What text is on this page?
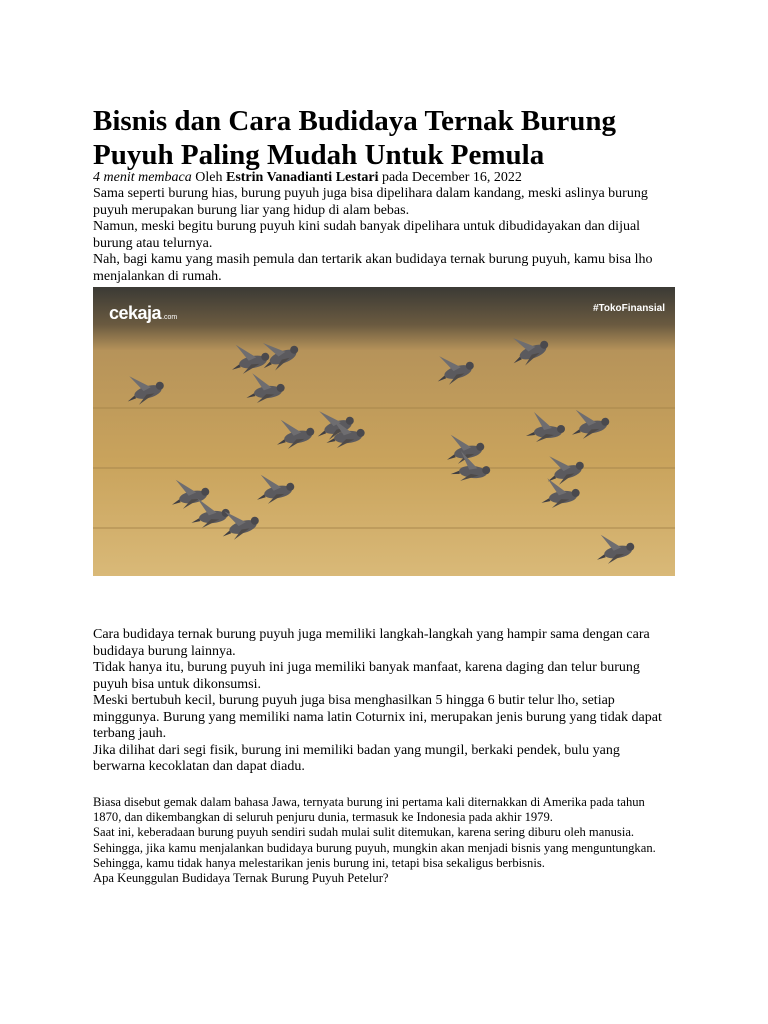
Bisnis dan Cara Budidaya Ternak Burung Puyuh Paling Mudah Untuk Pemula
4 menit membaca Oleh Estrin Vanadianti Lestari pada December 16, 2022

Sama seperti burung hias, burung puyuh juga bisa dipelihara dalam kandang, meski aslinya burung puyuh merupakan burung liar yang hidup di alam bebas.

Namun, meski begitu burung puyuh kini sudah banyak dipelihara untuk dibudidayakan dan dijual burung atau telurnya.

Nah, bagi kamu yang masih pemula dan tertarik akan budidaya ternak burung puyuh, kamu bisa lho menjalankan di rumah.

cekaja.com
#TokoFinansial

Cara budidaya ternak burung puyuh juga memiliki langkah-langkah yang hampir sama dengan cara budidaya burung lainnya.

Tidak hanya itu, burung puyuh ini juga memiliki banyak manfaat, karena daging dan telur burung puyuh bisa untuk dikonsumsi.

Meski bertubuh kecil, burung puyuh juga bisa menghasilkan 5 hingga 6 butir telur lho, setiap minggunya. Burung yang memiliki nama latin Coturnix ini, merupakan jenis burung yang tidak dapat terbang jauh.

Jika dilihat dari segi fisik, burung ini memiliki badan yang mungil, berkaki pendek, bulu yang berwarna kecoklatan dan dapat diadu.

Biasa disebut gemak dalam bahasa Jawa, ternyata burung ini pertama kali diternakkan di Amerika pada tahun 1870, dan dikembangkan di seluruh penjuru dunia, termasuk ke Indonesia pada akhir 1979.

Saat ini, keberadaan burung puyuh sendiri sudah mulai sulit ditemukan, karena sering diburu oleh manusia.

Sehingga, jika kamu menjalankan budidaya burung puyuh, mungkin akan menjadi bisnis yang menguntungkan. Sehingga, kamu tidak hanya melestarikan jenis burung ini, tetapi bisa sekaligus berbisnis.

Apa Keunggulan Budidaya Ternak Burung Puyuh Petelur?
